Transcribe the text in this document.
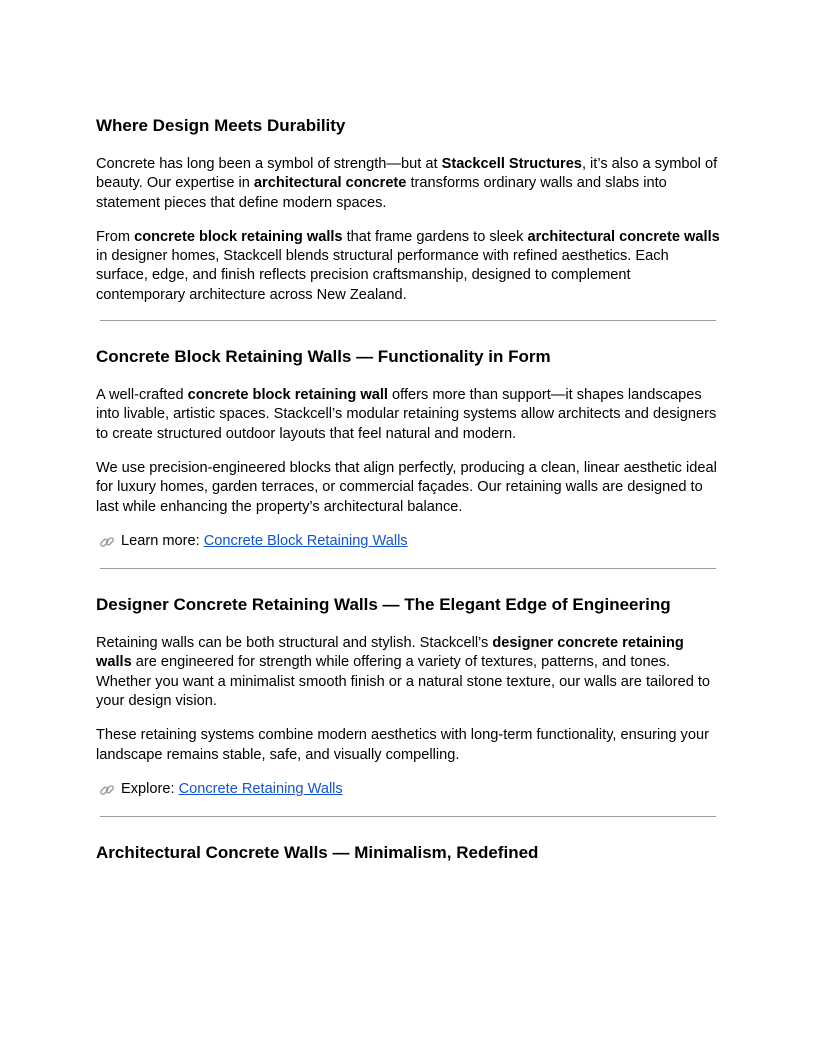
Where Design Meets Durability

Concrete has long been a symbol of strength—but at Stackcell Structures, it’s also a symbol of beauty. Our expertise in architectural concrete transforms ordinary walls and slabs into statement pieces that define modern spaces.

From concrete block retaining walls that frame gardens to sleek architectural concrete walls in designer homes, Stackcell blends structural performance with refined aesthetics. Each surface, edge, and finish reflects precision craftsmanship, designed to complement contemporary architecture across New Zealand.

Concrete Block Retaining Walls — Functionality in Form

A well-crafted concrete block retaining wall offers more than support—it shapes landscapes into livable, artistic spaces. Stackcell’s modular retaining systems allow architects and designers to create structured outdoor layouts that feel natural and modern.

We use precision-engineered blocks that align perfectly, producing a clean, linear aesthetic ideal for luxury homes, garden terraces, or commercial façades. Our retaining walls are designed to last while enhancing the property’s architectural balance.

Learn more:
Concrete Block Retaining Walls
Designer Concrete Retaining Walls — The Elegant Edge of Engineering

Retaining walls can be both structural and stylish. Stackcell’s designer concrete retaining walls are engineered for strength while offering a variety of textures, patterns, and tones. Whether you want a minimalist smooth finish or a natural stone texture, our walls are tailored to your design vision.

These retaining systems combine modern aesthetics with long-term functionality, ensuring your landscape remains stable, safe, and visually compelling.

Explore:
Concrete Retaining Walls
Architectural Concrete Walls — Minimalism, Redefined
